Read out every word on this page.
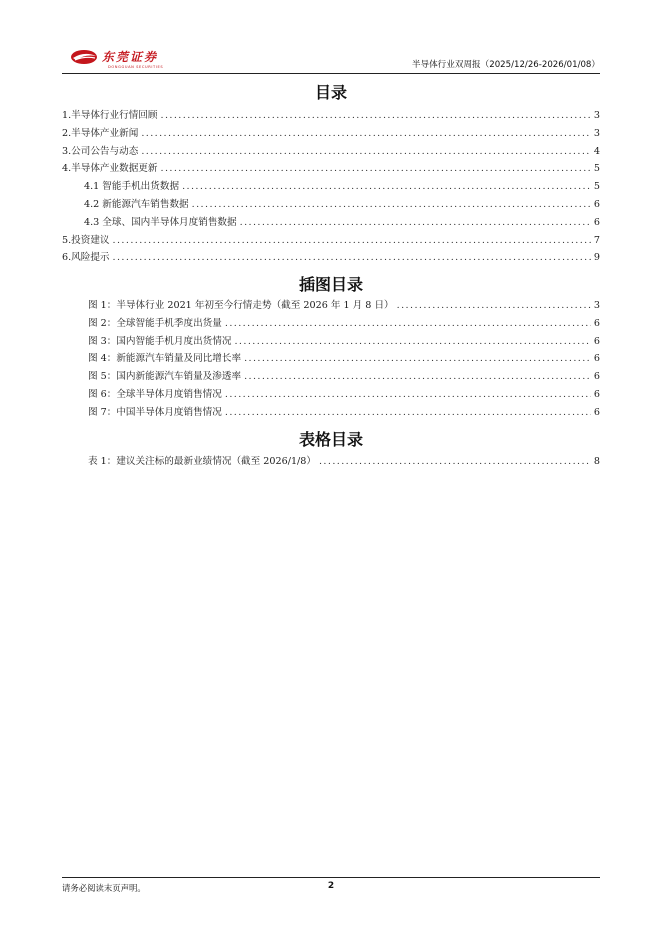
东莞证券
DONGGUAN SECURITIES	半导体行业双周报（2025/12/26-2026/01/08）
目录
1.半导体行业行情回顾 .....	3
2.半导体产业新闻 .....	3
3.公司公告与动态 .....	4
4.半导体产业数据更新 .....	5
4.1 智能手机出货数据 .....	5
4.2 新能源汽车销售数据 .....	6
4.3 全球、国内半导体月度销售数据 .....	6
5.投资建议 .....	7
6.风险提示 .....	9
插图目录
图 1：半导体行业 2021 年初至今行情走势（截至 2026 年 1 月 8 日） .....	3
图 2：全球智能手机季度出货量 .....	6
图 3：国内智能手机月度出货情况 .....	6
图 4：新能源汽车销量及同比增长率 .....	6
图 5：国内新能源汽车销量及渗透率 .....	6
图 6：全球半导体月度销售情况 .....	6
图 7：中国半导体月度销售情况 .....	6
表格目录
表 1：建议关注标的最新业绩情况（截至 2026/1/8） .....	8
请务必阅读末页声明。	2
